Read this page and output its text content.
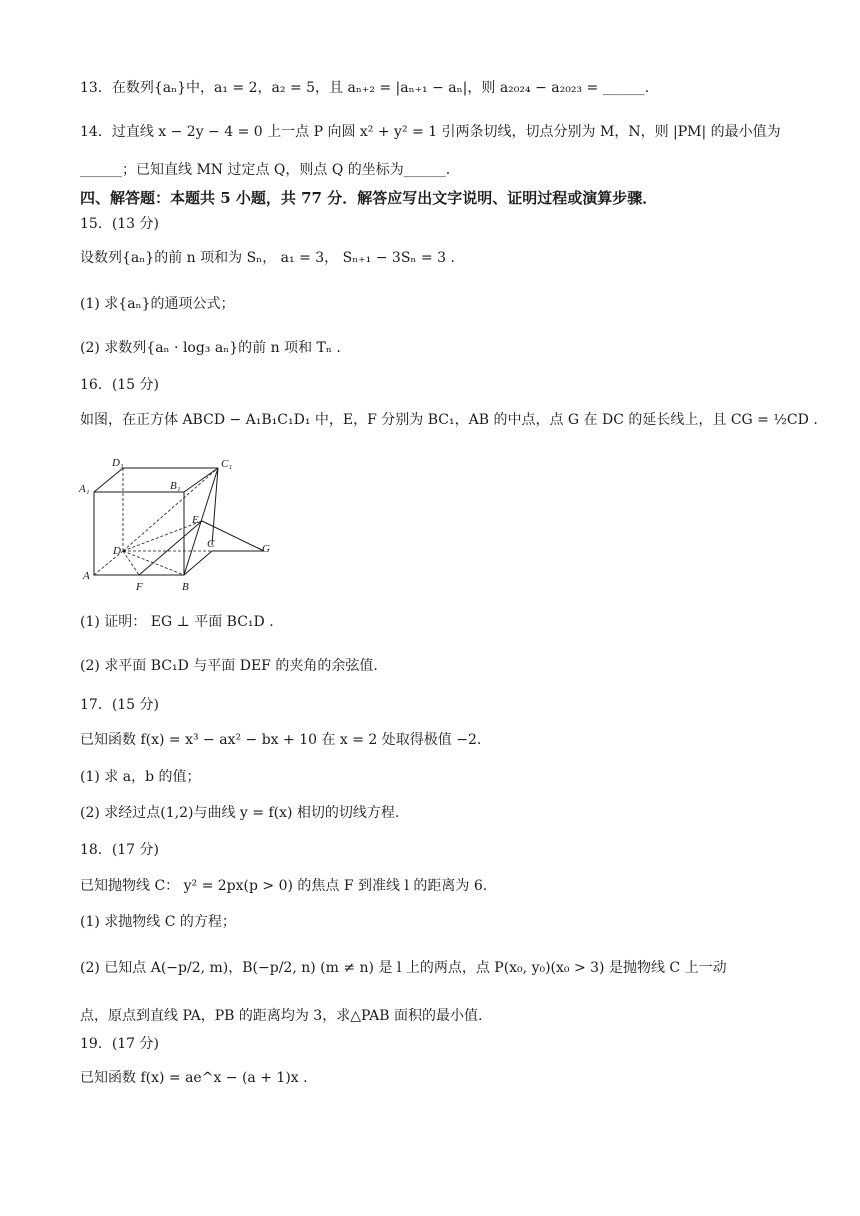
13．在数列{aₙ}中，a₁ = 2，a₂ = 5，且 aₙ₊₂ = |aₙ₊₁ − aₙ|，则 a₂₀₂₄ − a₂₀₂₃ = ______.
14．过直线 x − 2y − 4 = 0 上一点 P 向圆 x² + y² = 1 引两条切线，切点分别为 M，N，则 |PM| 的最小值为
______；已知直线 MN 过定点 Q，则点 Q 的坐标为______.
四、解答题：本题共 5 小题，共 77 分．解答应写出文字说明、证明过程或演算步骤．
15．(13 分)
设数列{aₙ}的前 n 项和为 Sₙ， a₁ = 3， Sₙ₊₁ − 3Sₙ = 3 .
(1) 求{aₙ}的通项公式；
(2) 求数列{aₙ · log₃ aₙ}的前 n 项和 Tₙ .
16．(15 分)
如图，在正方体 ABCD − A₁B₁C₁D₁ 中，E，F 分别为 BC₁，AB 的中点，点 G 在 DC 的延长线上，且 CG = ½CD .
(1) 证明： EG ⊥ 平面 BC₁D .
(2) 求平面 BC₁D 与平面 DEF 的夹角的余弦值.
17．(15 分)
已知函数 f(x) = x³ − ax² − bx + 10 在 x = 2 处取得极值 −2.
(1) 求 a，b 的值；
(2) 求经过点(1,2)与曲线 y = f(x) 相切的切线方程.
18．(17 分)
已知抛物线 C： y² = 2px(p > 0) 的焦点 F 到准线 l 的距离为 6.
(1) 求抛物线 C 的方程；
(2) 已知点 A(−p/2, m)，B(−p/2, n) (m ≠ n) 是 l 上的两点，点 P(x₀, y₀)(x₀ > 3) 是抛物线 C 上一动
点，原点到直线 PA，PB 的距离均为 3，求△PAB 面积的最小值.
19．(17 分)
已知函数 f(x) = ae^x − (a + 1)x .
D₁	C₁
A₁	B₁
E
D
C	G
A
F	B
